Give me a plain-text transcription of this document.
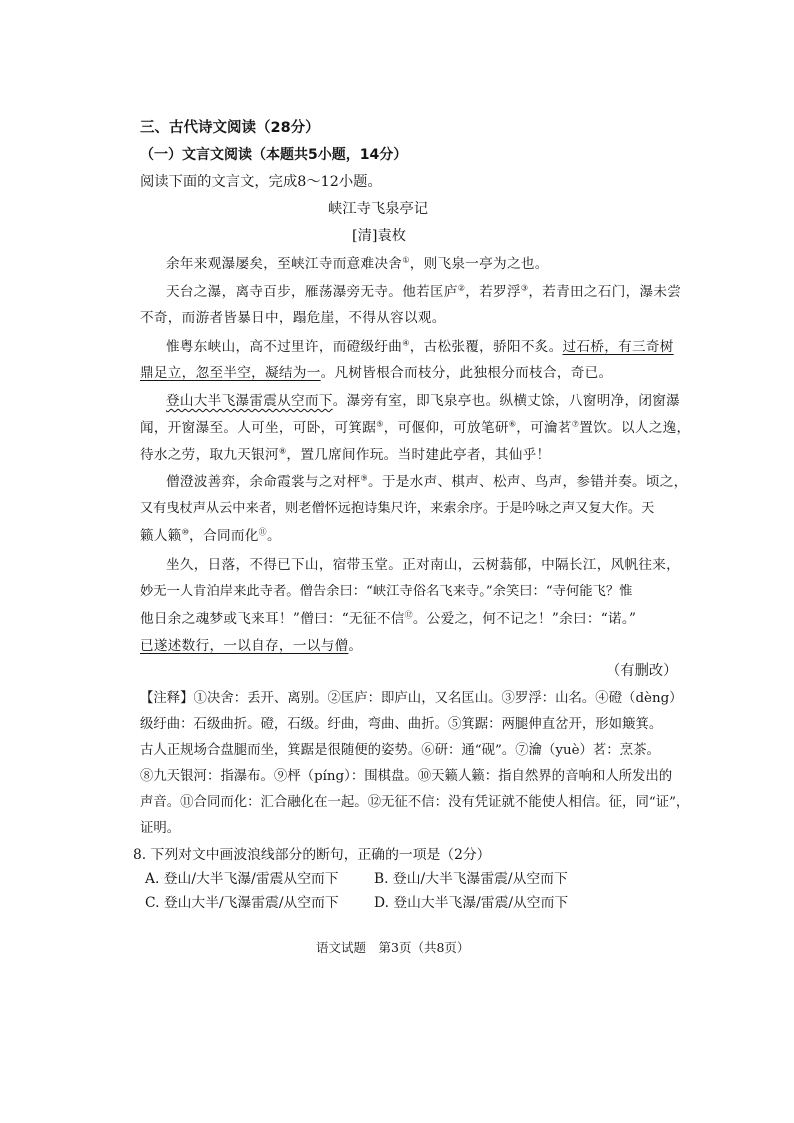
三、古代诗文阅读（28分）
（一）文言文阅读（本题共5小题，14分）
阅读下面的文言文，完成8～12小题。
峡江寺飞泉亭记
[清]袁枚
余年来观瀑屡矣，至峡江寺而意难决舍①，则飞泉一亭为之也。
天台之瀑，离寺百步，雁荡瀑旁无寺。他若匡庐②，若罗浮③，若青田之石门，瀑未尝
不奇，而游者皆暴日中，蹋危崖，不得从容以观。
惟粤东峡山，高不过里许，而磴级纡曲④，古松张覆，骄阳不炙。过石桥，有三奇树
鼎足立，忽至半空，凝结为一。凡树皆根合而枝分，此独根分而枝合，奇已。
登山大半飞瀑雷震从空而下。瀑旁有室，即飞泉亭也。纵横丈馀，八窗明净，闭窗瀑
闻，开窗瀑至。人可坐，可卧，可箕踞⑤，可偃仰，可放笔研⑥，可瀹茗⑦置饮。以人之逸，
待水之劳，取九天银河⑧，置几席间作玩。当时建此亭者，其仙乎！
僧澄波善弈，余命霞裳与之对枰⑨。于是水声、棋声、松声、鸟声，参错并奏。顷之，
又有曳杖声从云中来者，则老僧怀远抱诗集尺许，来索余序。于是吟咏之声又复大作。天
籁人籁⑩，合同而化⑪。
坐久，日落，不得已下山，宿带玉堂。正对南山，云树蓊郁，中隔长江，风帆往来，
妙无一人肯泊岸来此寺者。僧告余曰：“峡江寺俗名飞来寺。”余笑曰：“寺何能飞？惟
他日余之魂梦或飞来耳！”僧曰：“无征不信⑫。公爱之，何不记之！”余曰：“诺。”
已遂述数行，一以自存，一以与僧。
（有删改）
【注释】①决舍：丢开、离别。②匡庐：即庐山，又名匡山。③罗浮：山名。④磴（dèng）
级纡曲：石级曲折。磴，石级。纡曲，弯曲、曲折。⑤箕踞：两腿伸直岔开，形如簸箕。
古人正规场合盘腿而坐，箕踞是很随便的姿势。⑥研：通“砚”。⑦瀹（yuè）茗：烹茶。
⑧九天银河：指瀑布。⑨枰（píng）：围棋盘。⑩天籁人籁：指自然界的音响和人所发出的
声音。⑪合同而化：汇合融化在一起。⑫无征不信：没有凭证就不能使人相信。征，同“证”，
证明。
8. 下列对文中画波浪线部分的断句，正确的一项是（2分）
A. 登山/大半飞瀑/雷震从空而下	B. 登山/大半飞瀑雷震/从空而下
C. 登山大半/飞瀑雷震/从空而下	D. 登山大半飞瀑/雷震/从空而下
语文试题　第3页（共8页）
